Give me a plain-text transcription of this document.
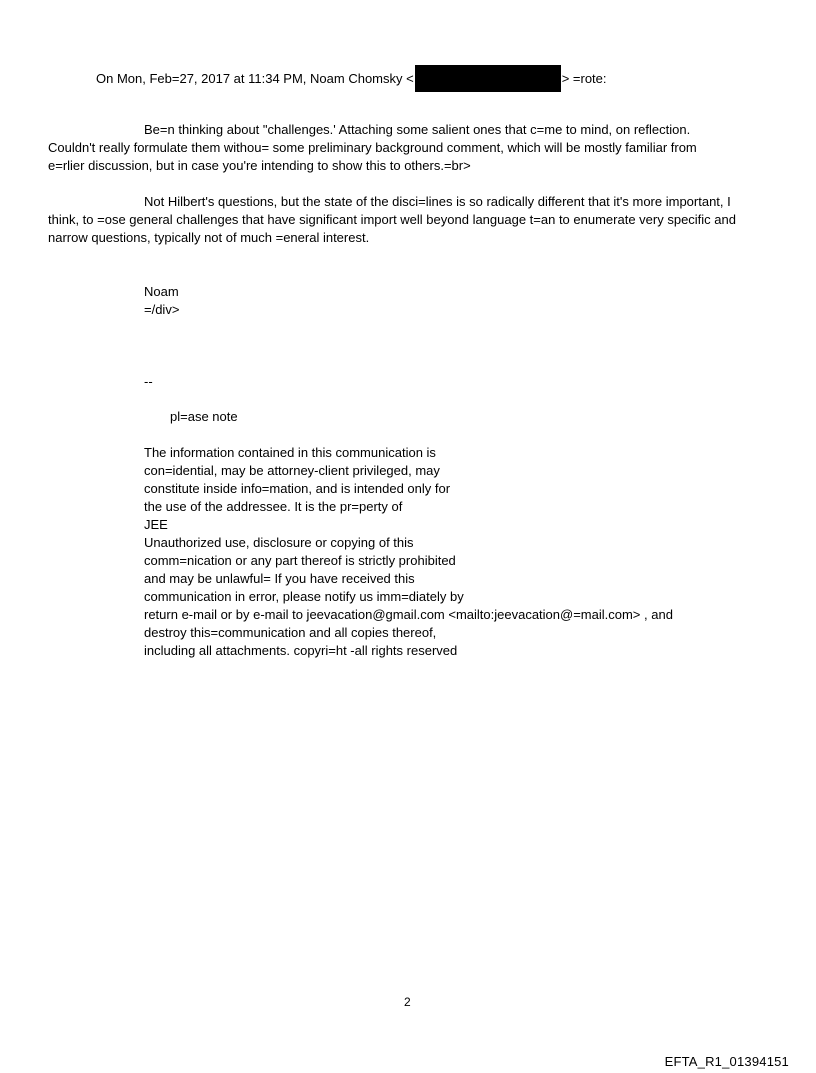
On Mon, Feb=27, 2017 at 11:34 PM, Noam Chomsky <	> =rote:
Be=n thinking about "challenges.' Attaching some salient ones that c=me to mind, on reflection.
Couldn't really formulate them withou= some preliminary background comment, which will be mostly familiar from
e=rlier discussion, but in case you're intending to show this to others.=br>
Not Hilbert's questions, but the state of the disci=lines is so radically different that it's more important, I
think, to =ose general challenges that have significant import well beyond language t=an to enumerate very specific and
narrow questions, typically not of much =eneral interest.
Noam
=/div>
--
pl=ase note
The information contained in this communication is
con=idential, may be attorney-client privileged, may
constitute inside info=mation, and is intended only for
the use of the addressee. It is the pr=perty of
JEE
Unauthorized use, disclosure or copying of this
comm=nication or any part thereof is strictly prohibited
and may be unlawful= If you have received this
communication in error, please notify us imm=diately by
return e-mail or by e-mail to jeevacation@gmail.com <mailto:jeevacation@=mail.com> , and
destroy this=communication and all copies thereof,
including all attachments. copyri=ht -all rights reserved
2
EFTA_R1_01394151
